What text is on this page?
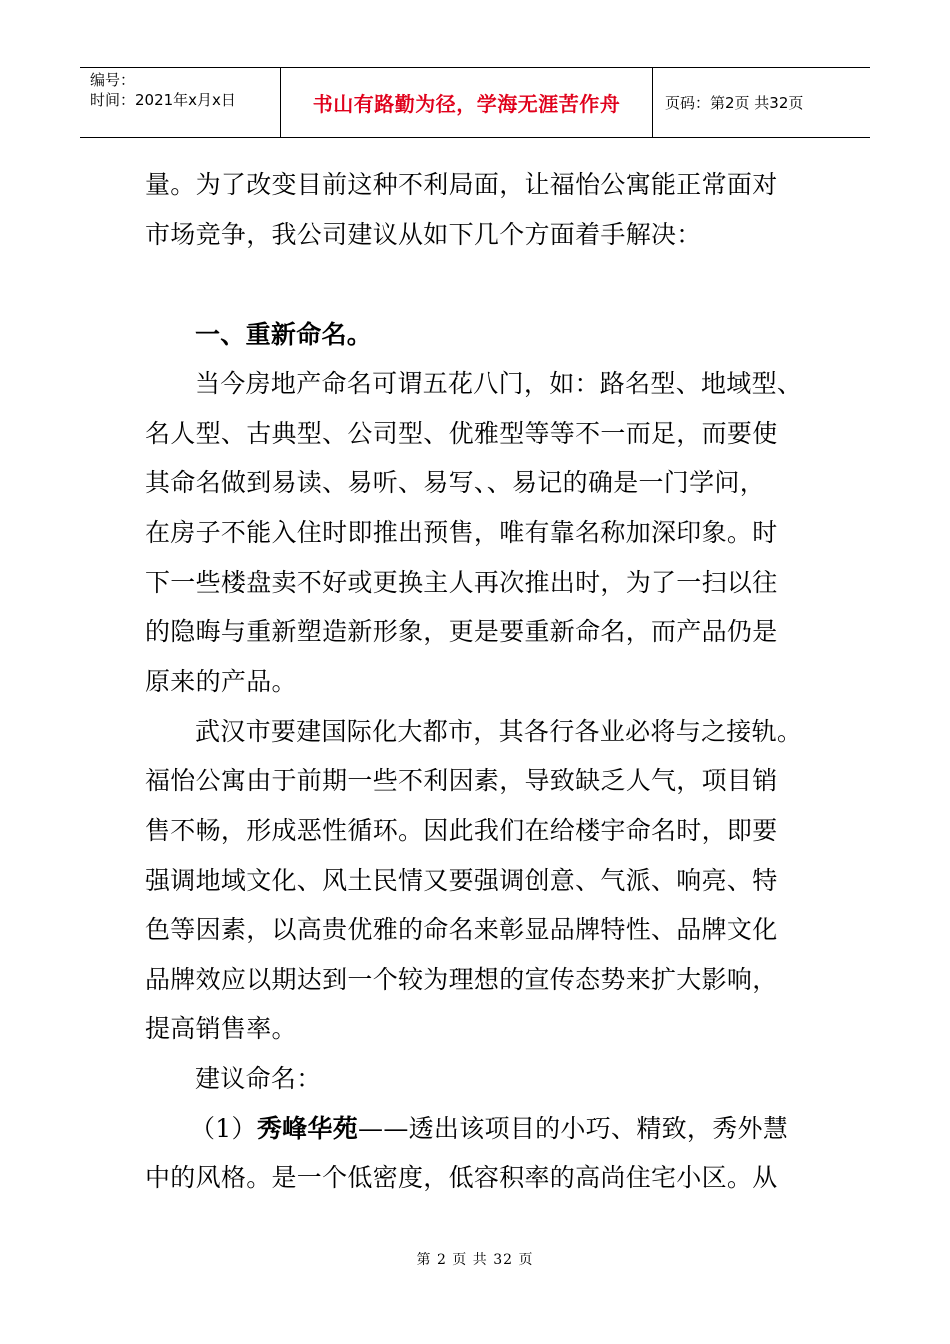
编号：
时间：2021年x月x日	书山有路勤为径，学海无涯苦作舟	页码：第2页 共32页
量。为了改变目前这种不利局面，让福怡公寓能正常面对
市场竞争，我公司建议从如下几个方面着手解决：
一、重新命名。
当今房地产命名可谓五花八门，如：路名型、地域型、
名人型、古典型、公司型、优雅型等等不一而足，而要使
其命名做到易读、易听、易写、、易记的确是一门学问，
在房子不能入住时即推出预售，唯有靠名称加深印象。时
下一些楼盘卖不好或更换主人再次推出时，为了一扫以往
的隐晦与重新塑造新形象，更是要重新命名，而产品仍是
原来的产品。
武汉市要建国际化大都市，其各行各业必将与之接轨。
福怡公寓由于前期一些不利因素，导致缺乏人气，项目销
售不畅，形成恶性循环。因此我们在给楼宇命名时，即要
强调地域文化、风土民情又要强调创意、气派、响亮、特
色等因素，以高贵优雅的命名来彰显品牌特性、品牌文化
品牌效应以期达到一个较为理想的宣传态势来扩大影响，
提高销售率。
建议命名：
（1）秀峰华苑——透出该项目的小巧、精致，秀外慧
中的风格。是一个低密度，低容积率的高尚住宅小区。从
第 2 页 共 32 页
